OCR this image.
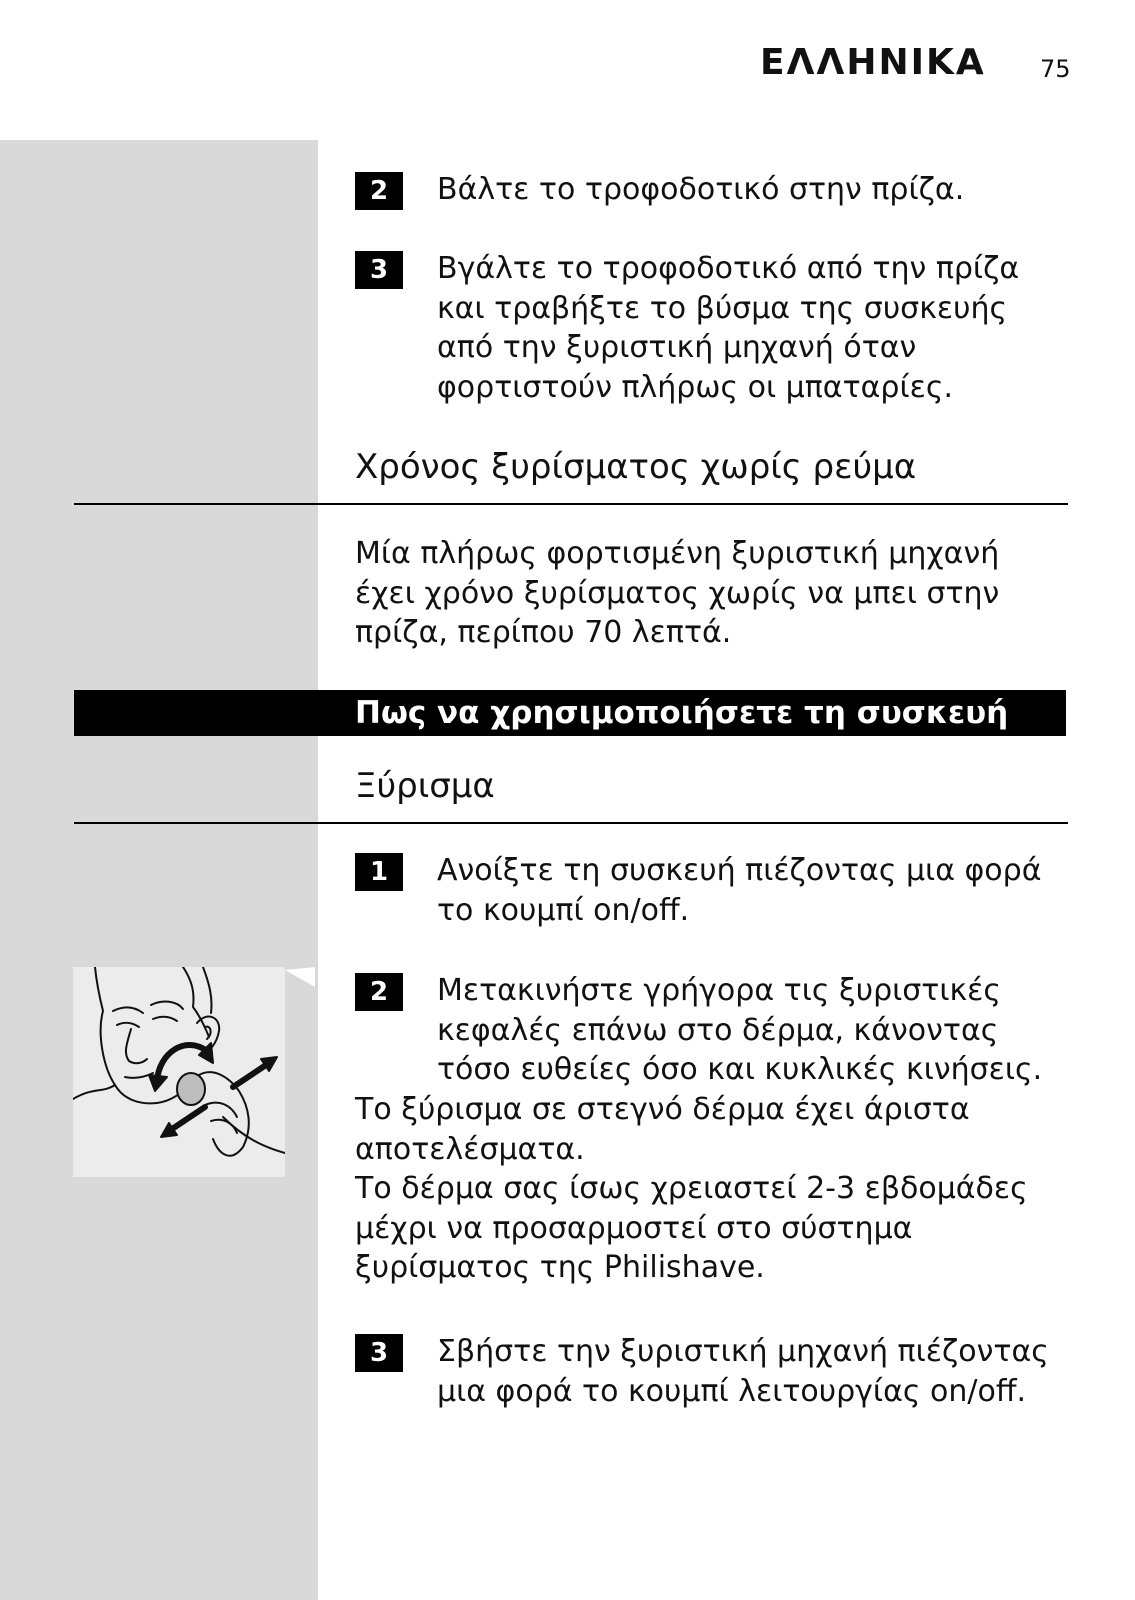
ΕΛΛΗΝΙΚΑ 75
2	Βάλτε το τροφοδοτικό στην πρίζα.

3	Βγάλτε το τροφοδοτικό από την πρίζα
και τραβήξτε το βύσμα της συσκευής
από την ξυριστική μηχανή όταν
φορτιστούν πλήρως οι μπαταρίες.
Χρόνος ξυρίσματος χωρίς ρεύμα
Μία πλήρως φορτισμένη ξυριστική μηχανή
έχει χρόνο ξυρίσματος χωρίς να μπει στην
πρίζα, περίπου 70 λεπτά.
Πως να χρησιμοποιήσετε τη συσκευή
Ξύρισμα
1	Ανοίξτε τη συσκευή πιέζοντας μια φορά
το κουμπί on/off.
2	Μετακινήστε γρήγορα τις ξυριστικές
κεφαλές επάνω στο δέρμα, κάνοντας
τόσο ευθείες όσο και κυκλικές κινήσεις.
Το ξύρισμα σε στεγνό δέρμα έχει άριστα
αποτελέσματα.
Το δέρμα σας ίσως χρειαστεί 2-3 εβδομάδες
μέχρι να προσαρμοστεί στο σύστημα
ξυρίσματος της Philishave.
3	Σβήστε την ξυριστική μηχανή πιέζοντας
μια φορά το κουμπί λειτουργίας on/off.
